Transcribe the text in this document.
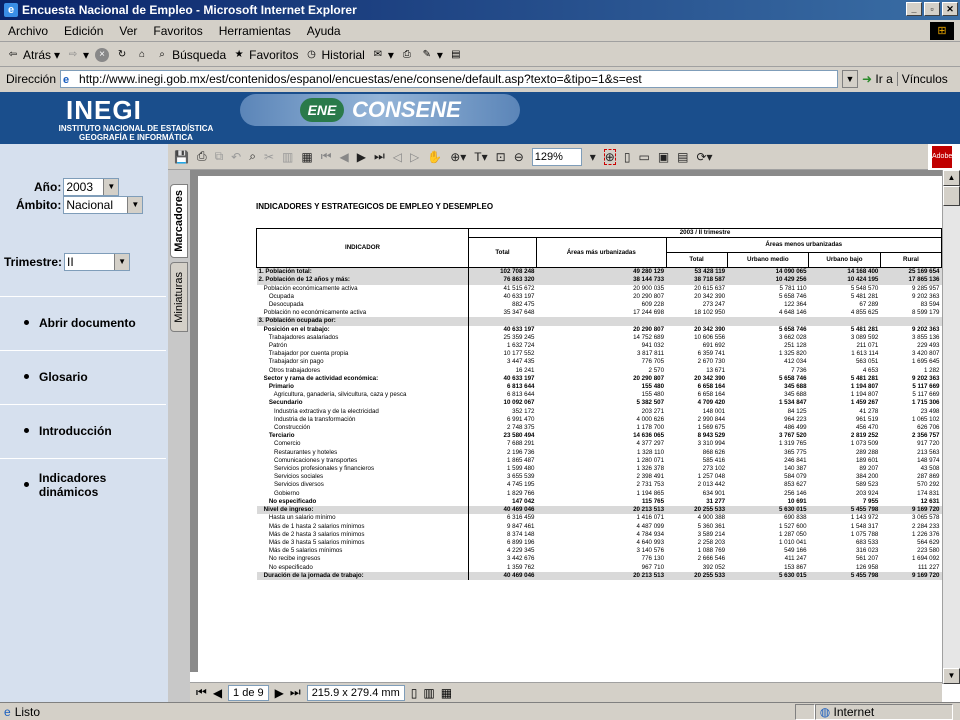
e Encuesta Nacional de Empleo - Microsoft Internet Explorer	_	▫	✕
Archivo	Edición	Ver	Favoritos	Herramientas	Ayuda	⊞
⇦ Atrás ▾ ⇨ ▾	×	↻	⌂	⌕ Búsqueda ★ Favoritos ◷ Historial ✉ ▾ ⎙	✎ ▾ ▤
Dirección e http://www.inegi.gob.mx/est/contenidos/espanol/encuestas/ene/consene/default.asp?texto=&tipo=1&s=est	▼ ➜ Ir a Vínculos
INEGI
INSTITUTO NACIONAL DE ESTADÍSTICA
GEOGRAFÍA E INFORMÁTICA
ENE CONSENE
Año: 2003	▼
Ámbito: Nacional	▼
Trimestre: II	▼
Abrir documento
Glosario
Introducción
Indicadores dinámicos
Marcadores
Miniaturas
💾 ⎙ ⧉ ↶ ⌕ ✂ ▥ ▦ ⏮ ◀ ▶ ⏭ ◁ ▷ ✋ ⊕▾ T▾ ⊡ ⊖ 129%	▾ ⊕ ▯ ▭ ▣ ▤ ⟳▾	Adobe
INDICADORES Y ESTRATEGICOS DE EMPLEO Y DESEMPLEO
INDICADOR	2003 / II trimestre					
	Total	Áreas más urbanizadas	Áreas menos urbanizadas			
			Total	Urbano medio	Urbano bajo	Rural
1. Población total:	102 708 248	49 280 129	53 428 119	14 090 065	14 168 400	25 169 654
2. Población de 12 años y más:	76 863 320	38 144 733	38 718 587	10 429 256	10 424 195	17 865 136
Población económicamente activa	41 515 672	20 900 035	20 615 637	5 781 110	5 548 570	9 285 957
Ocupada	40 633 197	20 290 807	20 342 390	5 658 746	5 481 281	9 202 363
Desocupada	882 475	609 228	273 247	122 364	67 289	83 594
Población no económicamente activa	35 347 648	17 244 698	18 102 950	4 648 146	4 855 625	8 599 179
3. Población ocupada por:						
Posición en el trabajo:	40 633 197	20 290 807	20 342 390	5 658 746	5 481 281	9 202 363
Trabajadores asalariados	25 359 245	14 752 689	10 606 556	3 662 028	3 089 592	3 855 136
Patrón	1 632 724	941 032	691 692	251 128	211 071	229 493
Trabajador por cuenta propia	10 177 552	3 817 811	6 359 741	1 325 820	1 613 114	3 420 807
Trabajador sin pago	3 447 435	776 705	2 670 730	412 034	563 051	1 695 645
Otros trabajadores	16 241	2 570	13 671	7 736	4 653	1 282
Sector y rama de actividad económica:	40 633 197	20 290 807	20 342 390	5 658 746	5 481 281	9 202 363
Primario	6 813 644	155 480	6 658 164	345 688	1 194 807	5 117 669
Agricultura, ganadería, silvicultura, caza y pesca	6 813 644	155 480	6 658 164	345 688	1 194 807	5 117 669
Secundario	10 092 067	5 382 507	4 709 420	1 534 847	1 459 267	1 715 306
Industria extractiva y de la electricidad	352 172	203 271	148 001	84 125	41 278	23 498
Industria de la transformación	6 991 470	4 000 626	2 990 844	964 223	961 519	1 065 102
Construcción	2 748 375	1 178 700	1 569 675	486 499	456 470	626 706
Terciario	23 580 494	14 636 065	8 943 529	3 767 520	2 819 252	2 356 757
Comercio	7 688 291	4 377 297	3 310 994	1 319 765	1 073 509	917 720
Restaurantes y hoteles	2 196 736	1 328 110	868 626	365 775	289 288	213 563
Comunicaciones y transportes	1 865 487	1 280 071	585 416	246 841	189 601	148 974
Servicios profesionales y financieros	1 599 480	1 326 378	273 102	140 387	89 207	43 508
Servicios sociales	3 655 539	2 398 491	1 257 048	584 079	384 200	287 869
Servicios diversos	4 745 195	2 731 753	2 013 442	853 627	589 523	570 292
Gobierno	1 829 766	1 194 865	634 901	256 146	203 924	174 831
No especificado	147 042	115 765	31 277	10 691	7 955	12 631
Nivel de ingreso:	40 469 046	20 213 513	20 255 533	5 630 015	5 455 798	9 169 720
Hasta un salario mínimo	6 316 459	1 416 071	4 900 388	690 838	1 143 972	3 065 578
Más de 1 hasta 2 salarios mínimos	9 847 461	4 487 099	5 360 361	1 527 600	1 548 317	2 284 233
Más de 2 hasta 3 salarios mínimos	8 374 148	4 784 934	3 589 214	1 287 050	1 075 788	1 226 376
Más de 3 hasta 5 salarios mínimos	6 899 196	4 640 993	2 258 203	1 010 041	683 533	564 629
Más de 5 salarios mínimos	4 229 345	3 140 576	1 088 769	549 166	316 023	223 580
No recibe ingresos	3 442 676	776 130	2 666 546	411 247	561 207	1 694 092
No especificado	1 359 762	967 710	392 052	153 867	126 958	111 227
Duración de la jornada de trabajo:	40 469 046	20 213 513	20 255 533	5 630 015	5 455 798	9 169 720
▲
▼
⏮ ◀	1 de 9 ▶ ⏭	215.9 x 279.4 mm ▯ ▥ ▦
e Listo	◍ Internet
